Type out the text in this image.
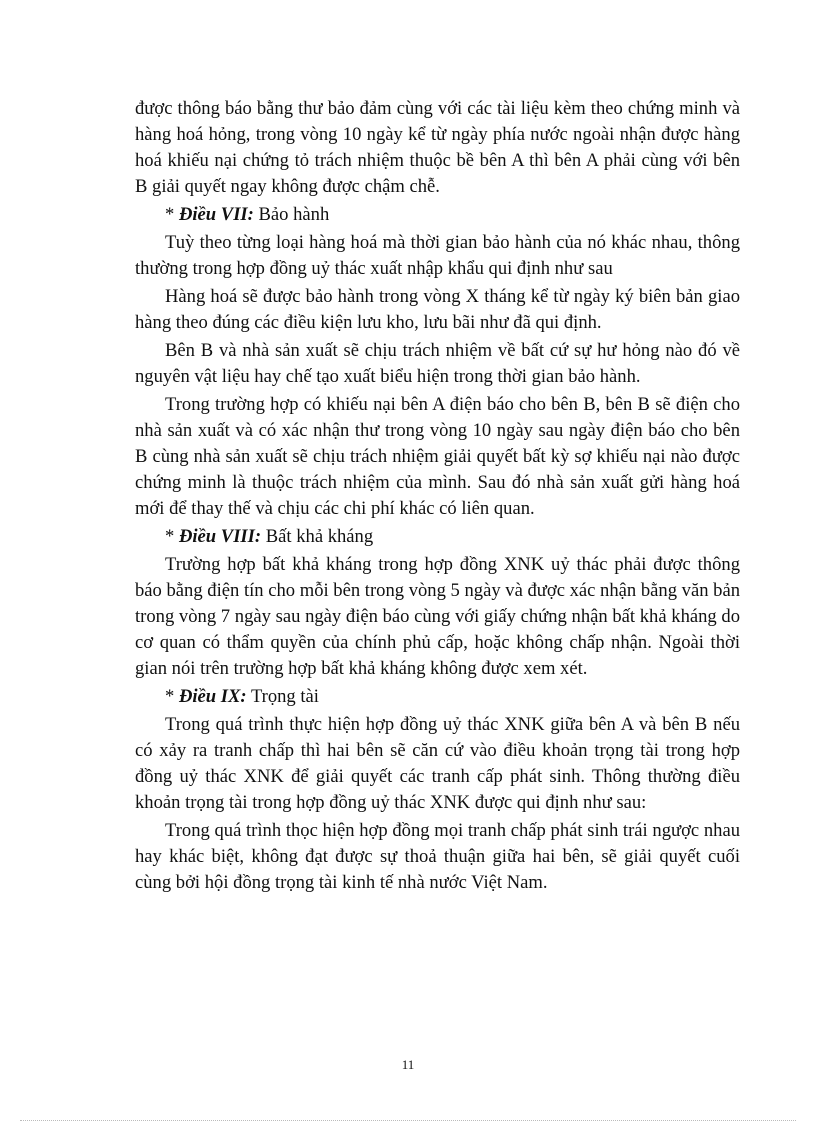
được thông báo bằng thư bảo đảm cùng với các tài liệu kèm theo chứng minh và hàng hoá hỏng, trong vòng 10 ngày kể từ ngày phía nước ngoài nhận được hàng hoá khiếu nại chứng tỏ trách nhiệm thuộc bề bên A thì bên A phải cùng với bên B giải quyết ngay không được chậm chễ.

* Điều VII: Bảo hành

Tuỳ theo từng loại hàng hoá mà thời gian bảo hành của nó khác nhau, thông thường trong hợp đồng uỷ thác xuất nhập khẩu qui định như sau

Hàng hoá sẽ được bảo hành trong vòng X tháng kể từ ngày ký biên bản giao hàng theo đúng các điều kiện lưu kho, lưu bãi như đã qui định.

Bên B và nhà sản xuất sẽ chịu trách nhiệm về bất cứ sự hư hỏng nào đó về nguyên vật liệu hay chế tạo xuất biểu hiện trong thời gian bảo hành.

Trong trường hợp có khiếu nại bên A điện báo cho bên B, bên B sẽ điện cho nhà sản xuất và có xác nhận thư trong vòng 10 ngày sau ngày điện báo cho bên B cùng nhà sản xuất sẽ chịu trách nhiệm giải quyết bất kỳ sợ khiếu nại nào được chứng minh là thuộc trách nhiệm của mình. Sau đó nhà sản xuất gửi hàng hoá mới để thay thế và chịu các chi phí khác có liên quan.

* Điều VIII: Bất khả kháng

Trường hợp bất khả kháng trong hợp đồng XNK uỷ thác phải được thông báo bằng điện tín cho mỗi bên trong vòng 5 ngày và được xác nhận bằng văn bản trong vòng 7 ngày sau ngày điện báo cùng với giấy chứng nhận bất khả kháng do cơ quan có thẩm quyền của chính phủ cấp, hoặc không chấp nhận. Ngoài thời gian nói trên trường hợp bất khả kháng không được xem xét.

* Điều IX: Trọng tài

Trong quá trình thực hiện hợp đồng uỷ thác XNK giữa bên A và bên B nếu có xảy ra tranh chấp thì hai bên sẽ căn cứ vào điều khoản trọng tài trong hợp đồng uỷ thác XNK để giải quyết các tranh cấp phát sinh. Thông thường điều khoản trọng tài trong hợp đồng uỷ thác XNK được qui định như sau:

Trong quá trình thọc hiện hợp đồng mọi tranh chấp phát sinh trái ngược nhau hay khác biệt, không đạt được sự thoả thuận giữa hai bên, sẽ giải quyết cuối cùng bởi hội đồng trọng tài kinh tế nhà nước Việt Nam.

11
